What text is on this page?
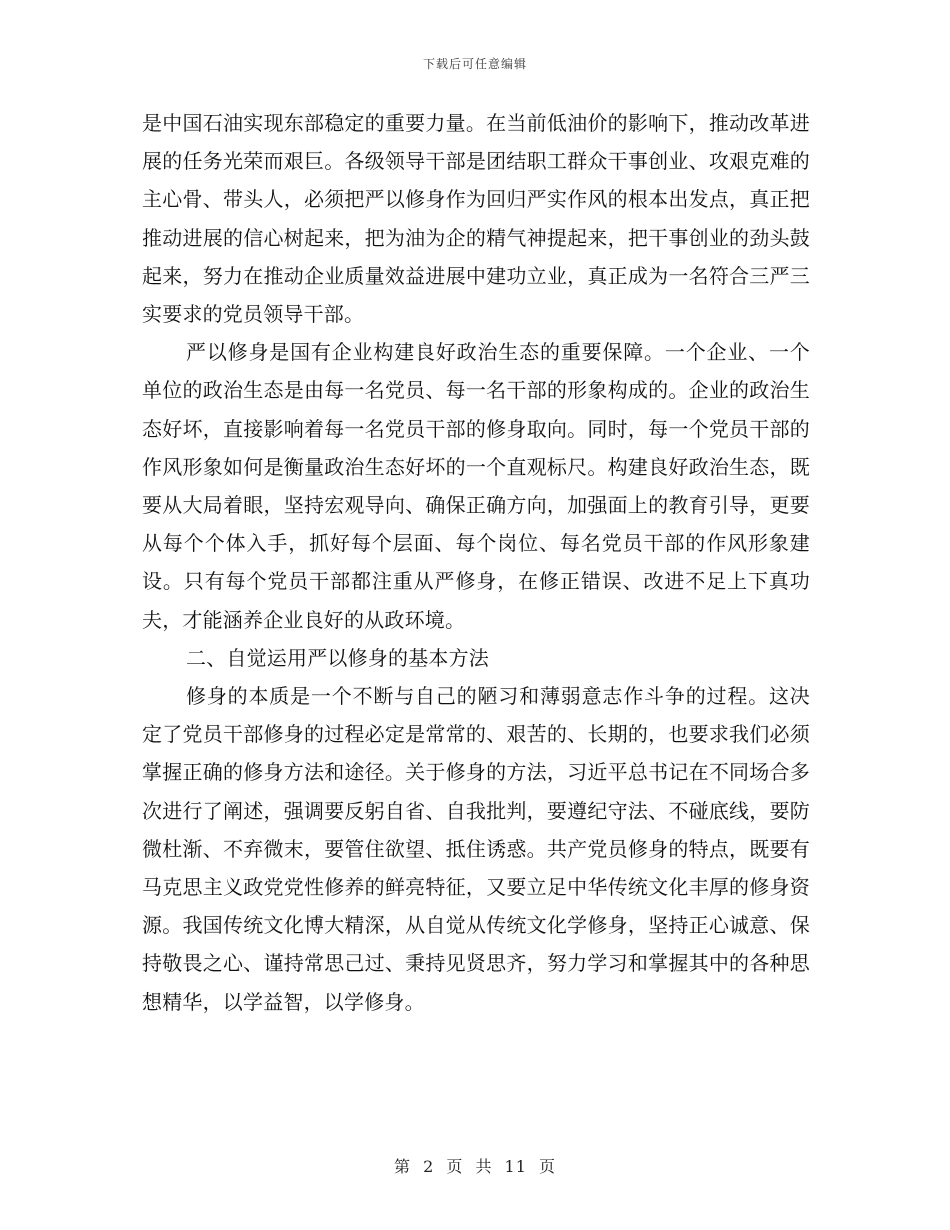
下载后可任意编辑

是中国石油实现东部稳定的重要力量。在当前低油价的影响下，推动改革进展的任务光荣而艰巨。各级领导干部是团结职工群众干事创业、攻艰克难的主心骨、带头人，必须把严以修身作为回归严实作风的根本出发点，真正把推动进展的信心树起来，把为油为企的精气神提起来，把干事创业的劲头鼓起来，努力在推动企业质量效益进展中建功立业，真正成为一名符合三严三实要求的党员领导干部。

严以修身是国有企业构建良好政治生态的重要保障。一个企业、一个单位的政治生态是由每一名党员、每一名干部的形象构成的。企业的政治生态好坏，直接影响着每一名党员干部的修身取向。同时，每一个党员干部的作风形象如何是衡量政治生态好坏的一个直观标尺。构建良好政治生态，既要从大局着眼，坚持宏观导向、确保正确方向，加强面上的教育引导，更要从每个个体入手，抓好每个层面、每个岗位、每名党员干部的作风形象建设。只有每个党员干部都注重从严修身，在修正错误、改进不足上下真功夫，才能涵养企业良好的从政环境。

二、自觉运用严以修身的基本方法

修身的本质是一个不断与自己的陋习和薄弱意志作斗争的过程。这决定了党员干部修身的过程必定是常常的、艰苦的、长期的，也要求我们必须掌握正确的修身方法和途径。关于修身的方法，习近平总书记在不同场合多次进行了阐述，强调要反躬自省、自我批判，要遵纪守法、不碰底线，要防微杜渐、不弃微末，要管住欲望、抵住诱惑。共产党员修身的特点，既要有马克思主义政党党性修养的鲜亮特征，又要立足中华传统文化丰厚的修身资源。我国传统文化博大精深，从自觉从传统文化学修身，坚持正心诚意、保持敬畏之心、谨持常思己过、秉持见贤思齐，努力学习和掌握其中的各种思想精华，以学益智，以学修身。

第 2 页 共 11 页
